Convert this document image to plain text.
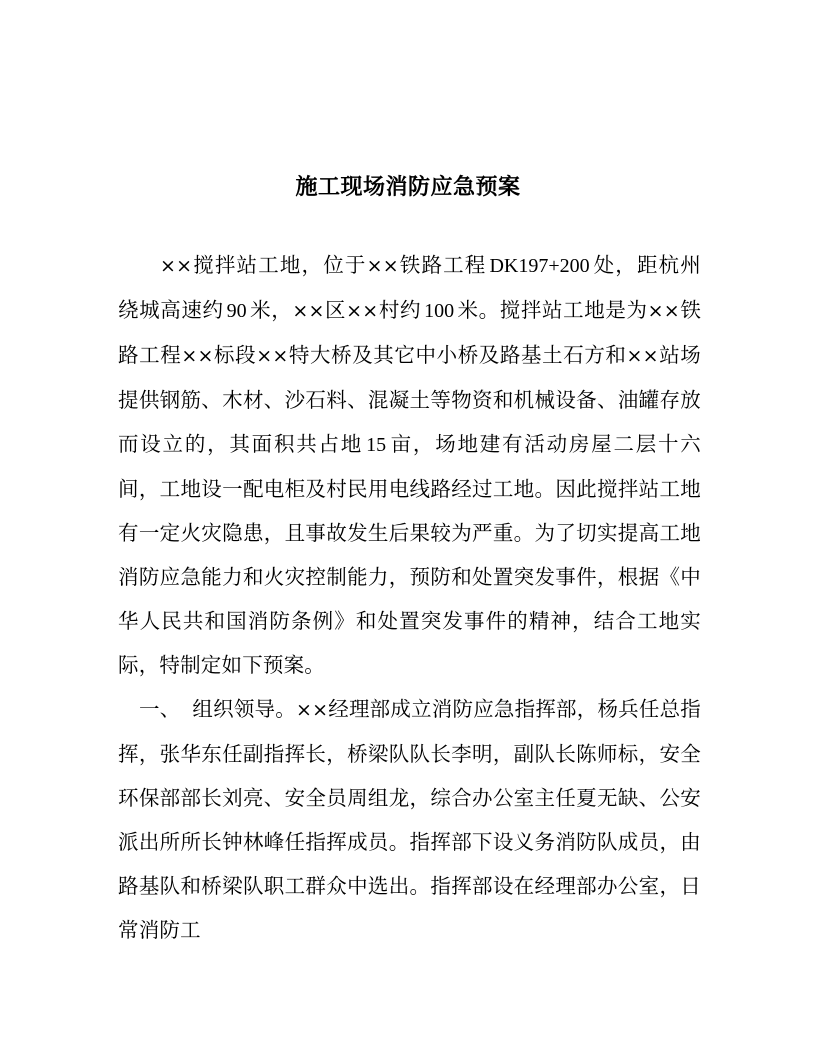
施工现场消防应急预案

××搅拌站工地，位于××铁路工程 DK197+200 处，距杭州绕城高速约 90 米，××区××村约 100 米。搅拌站工地是为××铁路工程××标段××特大桥及其它中小桥及路基土石方和××站场提供钢筋、木材、沙石料、混凝土等物资和机械设备、油罐存放而设立的，其面积共占地 15 亩，场地建有活动房屋二层十六间，工地设一配电柜及村民用电线路经过工地。因此搅拌站工地有一定火灾隐患，且事故发生后果较为严重。为了切实提高工地消防应急能力和火灾控制能力，预防和处置突发事件，根据《中华人民共和国消防条例》和处置突发事件的精神，结合工地实际，特制定如下预案。

一、 组织领导。××经理部成立消防应急指挥部，杨兵任总指挥，张华东任副指挥长，桥梁队队长李明，副队长陈师标，安全环保部部长刘亮、安全员周组龙，综合办公室主任夏无缺、公安派出所所长钟林峰任指挥成员。指挥部下设义务消防队成员，由路基队和桥梁队职工群众中选出。指挥部设在经理部办公室，日常消防工
